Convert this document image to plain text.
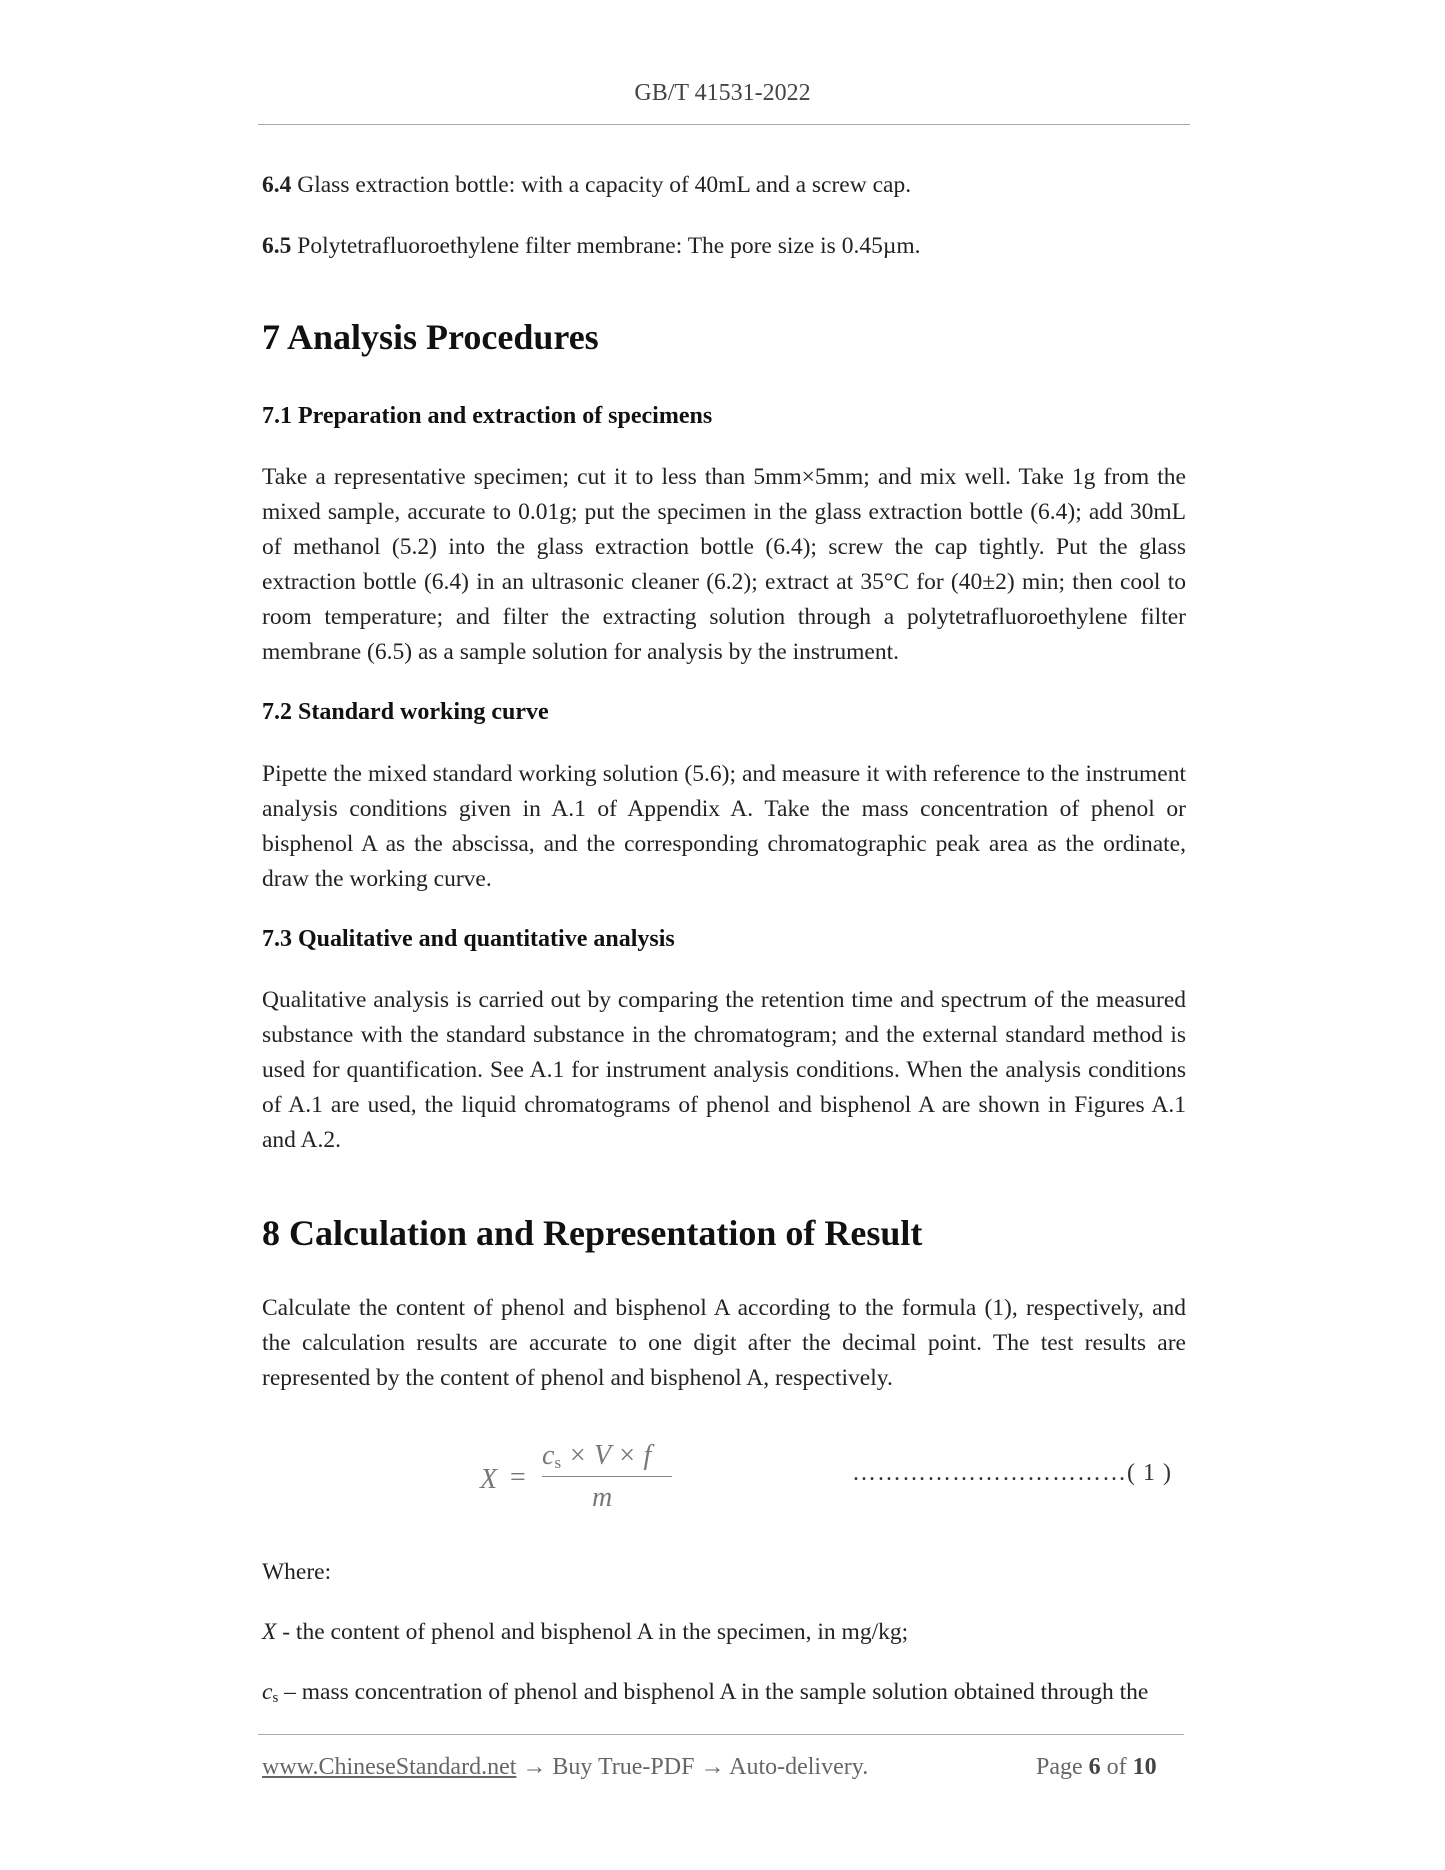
GB/T 41531-2022

6.4 Glass extraction bottle: with a capacity of 40mL and a screw cap.

6.5 Polytetrafluoroethylene filter membrane: The pore size is 0.45µm.

7 Analysis Procedures
7.1 Preparation and extraction of specimens

Take a representative specimen; cut it to less than 5mm×5mm; and mix well. Take 1g from the mixed sample, accurate to 0.01g; put the specimen in the glass extraction bottle (6.4); add 30mL of methanol (5.2) into the glass extraction bottle (6.4); screw the cap tightly. Put the glass extraction bottle (6.4) in an ultrasonic cleaner (6.2); extract at 35°C for (40±2) min; then cool to room temperature; and filter the extracting solution through a polytetrafluoroethylene filter membrane (6.5) as a sample solution for analysis by the instrument.

7.2 Standard working curve

Pipette the mixed standard working solution (5.6); and measure it with reference to the instrument analysis conditions given in A.1 of Appendix A. Take the mass concentration of phenol or bisphenol A as the abscissa, and the corresponding chromatographic peak area as the ordinate, draw the working curve.

7.3 Qualitative and quantitative analysis

Qualitative analysis is carried out by comparing the retention time and spectrum of the measured substance with the standard substance in the chromatogram; and the external standard method is used for quantification. See A.1 for instrument analysis conditions. When the analysis conditions of A.1 are used, the liquid chromatograms of phenol and bisphenol A are shown in Figures A.1 and A.2.

8 Calculation and Representation of Result

Calculate the content of phenol and bisphenol A according to the formula (1), respectively, and the calculation results are accurate to one digit after the decimal point. The test results are represented by the content of phenol and bisphenol A, respectively.

X =
$c_s \times V \times f$
m
……………………………( 1 )

Where:

X - the content of phenol and bisphenol A in the specimen, in mg/kg;

cs – mass concentration of phenol and bisphenol A in the sample solution obtained through the

www.ChineseStandard.net → Buy True-PDF → Auto-delivery.	Page 6 of 10
